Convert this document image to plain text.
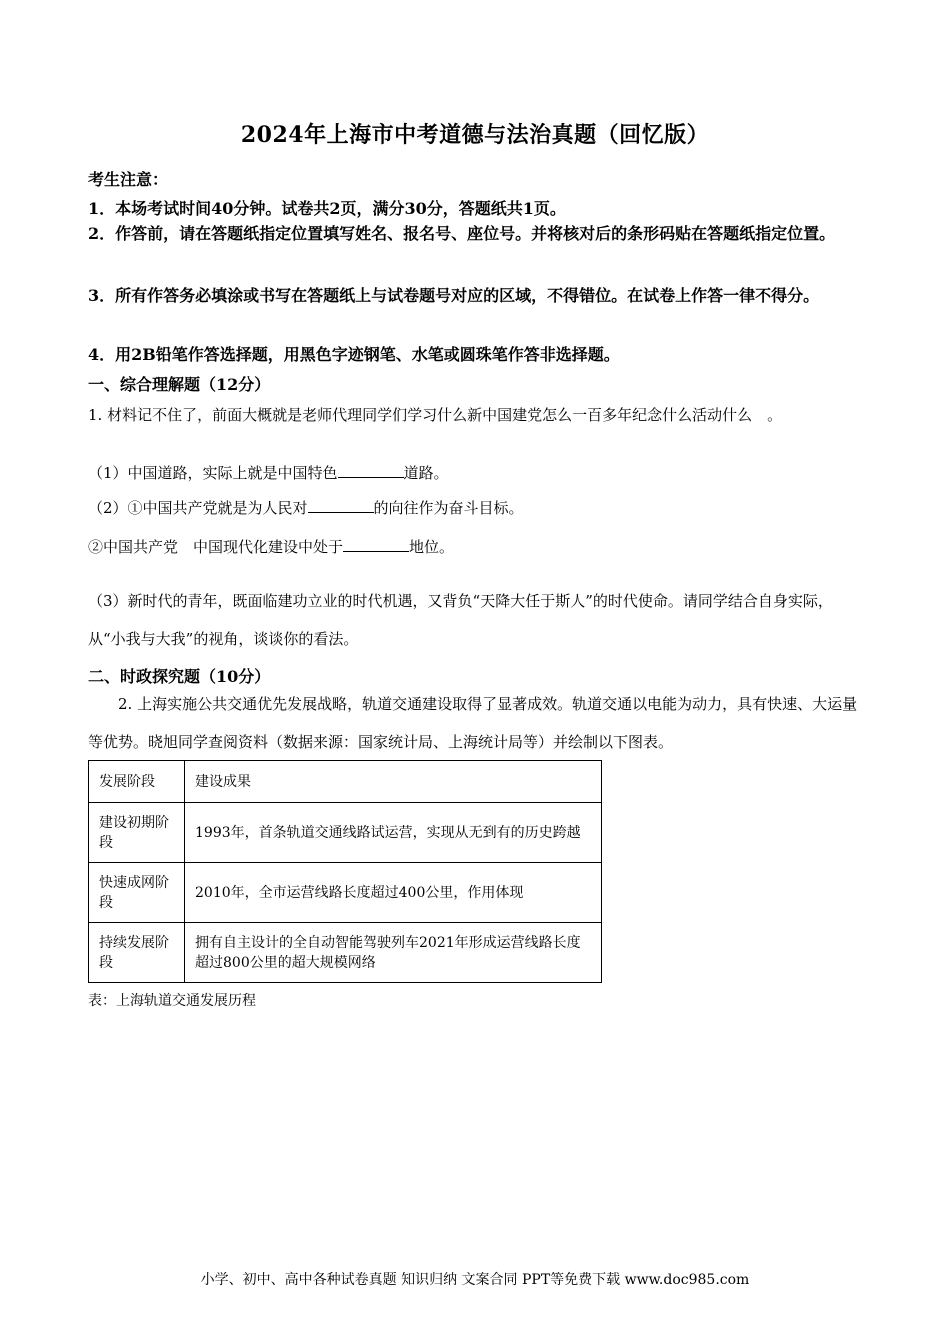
2024年上海市中考道德与法治真题（回忆版）
考生注意：
1．本场考试时间40分钟。试卷共2页，满分30分，答题纸共1页。
2．作答前，请在答题纸指定位置填写姓名、报名号、座位号。并将核对后的条形码贴在答题纸指定位置。
3．所有作答务必填涂或书写在答题纸上与试卷题号对应的区域，不得错位。在试卷上作答一律不得分。
4．用2B铅笔作答选择题，用黑色字迹钢笔、水笔或圆珠笔作答非选择题。
一、综合理解题（12分）
1. 材料记不住了，前面大概就是老师代理同学们学习什么新中国建党怎么一百多年纪念什么活动什么　。
（1）中国道路，实际上就是中国特色	道路。
（2）①中国共产党就是为人民对	的向往作为奋斗目标。
②中国共产党　中国现代化建设中处于	地位。
（3）新时代的青年，既面临建功立业的时代机遇，又背负“天降大任于斯人”的时代使命。请同学结合自身实际，从“小我与大我”的视角，谈谈你的看法。
二、时政探究题（10分）
2. 上海实施公共交通优先发展战略，轨道交通建设取得了显著成效。轨道交通以电能为动力，具有快速、大运量等优势。晓旭同学查阅资料（数据来源：国家统计局、上海统计局等）并绘制以下图表。
发展阶段	建设成果
建设初期阶段	1993年，首条轨道交通线路试运营，实现从无到有的历史跨越
快速成网阶段	2010年，全市运营线路长度超过400公里，作用体现
持续发展阶段	拥有自主设计的全自动智能驾驶列车2021年形成运营线路长度超过800公里的超大规模网络
表：上海轨道交通发展历程
小学、初中、高中各种试卷真题 知识归纳 文案合同 PPT等免费下载 www.doc985.com
